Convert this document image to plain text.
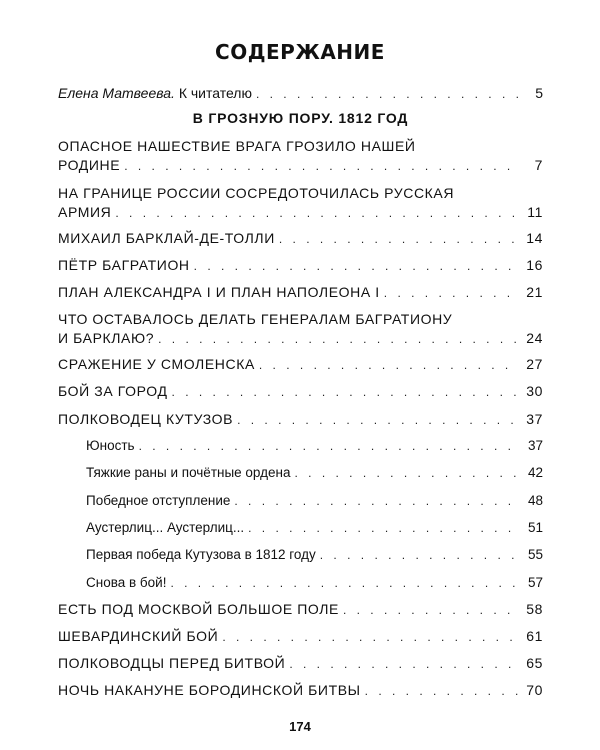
СОДЕРЖАНИЕ
Елена Матвеева. К читателю . . .	5
В ГРОЗНУЮ ПОРУ. 1812 ГОД
ОПАСНОЕ НАШЕСТВИЕ ВРАГА ГРОЗИЛО НАШЕЙ
РОДИНЕ . . .	7
НА ГРАНИЦЕ РОССИИ СОСРЕДОТОЧИЛАСЬ РУССКАЯ
АРМИЯ . . .	11
МИХАИЛ БАРКЛАЙ-ДЕ-ТОЛЛИ . . .	14
ПЁТР БАГРАТИОН . . .	16
ПЛАН АЛЕКСАНДРА I И ПЛАН НАПОЛЕОНА I . . .	21
ЧТО ОСТАВАЛОСЬ ДЕЛАТЬ ГЕНЕРАЛАМ БАГРАТИОНУ
И БАРКЛАЮ? . . .	24
СРАЖЕНИЕ У СМОЛЕНСКА . . .	27
БОЙ ЗА ГОРОД . . .	30
ПОЛКОВОДЕЦ КУТУЗОВ . . .	37
Юность . . .	37
Тяжкие раны и почётные ордена . . .	42
Победное отступление . . .	48
Аустерлиц... Аустерлиц... . . .	51
Первая победа Кутузова в 1812 году . . .	55
Снова в бой! . . .	57
ЕСТЬ ПОД МОСКВОЙ БОЛЬШОЕ ПОЛЕ . . .	58
ШЕВАРДИНСКИЙ БОЙ . . .	61
ПОЛКОВОДЦЫ ПЕРЕД БИТВОЙ . . .	65
НОЧЬ НАКАНУНЕ БОРОДИНСКОЙ БИТВЫ . . .	70
174
